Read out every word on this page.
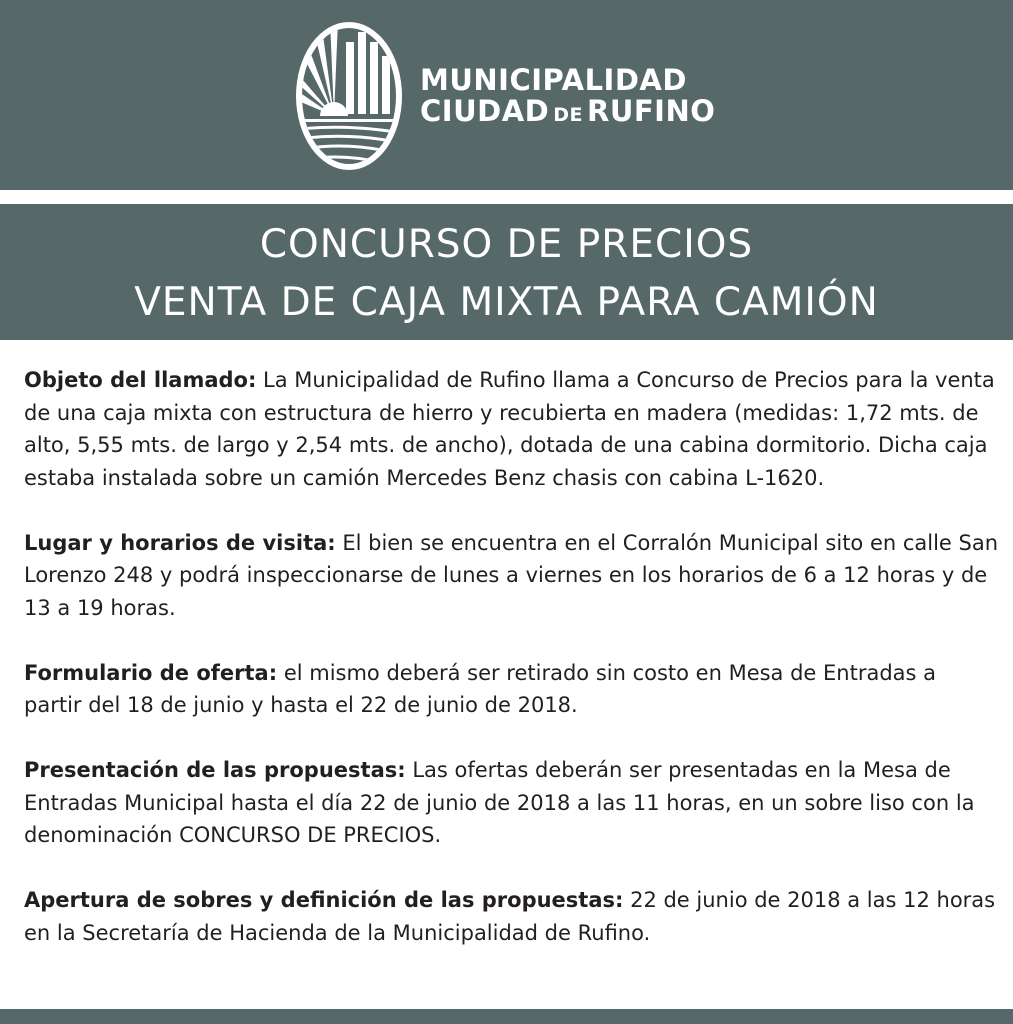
MUNICIPALIDAD
CIUDAD DE RUFINO
CONCURSO DE PRECIOS
VENTA DE CAJA MIXTA PARA CAMIÓN

Objeto del llamado: La Municipalidad de Rufino llama a Concurso de Precios para la venta de una caja mixta con estructura de hierro y recubierta en madera (medidas: 1,72 mts. de alto, 5,55 mts. de largo y 2,54 mts. de ancho), dotada de una cabina dormitorio. Dicha caja estaba instalada sobre un camión Mercedes Benz chasis con cabina L-1620.

Lugar y horarios de visita: El bien se encuentra en el Corralón Municipal sito en calle San Lorenzo 248 y podrá inspeccionarse de lunes a viernes en los horarios de 6 a 12 horas y de 13 a 19 horas.

Formulario de oferta: el mismo deberá ser retirado sin costo en Mesa de Entradas a partir del 18 de junio y hasta el 22 de junio de 2018.

Presentación de las propuestas: Las ofertas deberán ser presentadas en la Mesa de Entradas Municipal hasta el día 22 de junio de 2018 a las 11 horas, en un sobre liso con la denominación CONCURSO DE PRECIOS.

Apertura de sobres y definición de las propuestas: 22 de junio de 2018 a las 12 horas en la Secretaría de Hacienda de la Municipalidad de Rufino.
